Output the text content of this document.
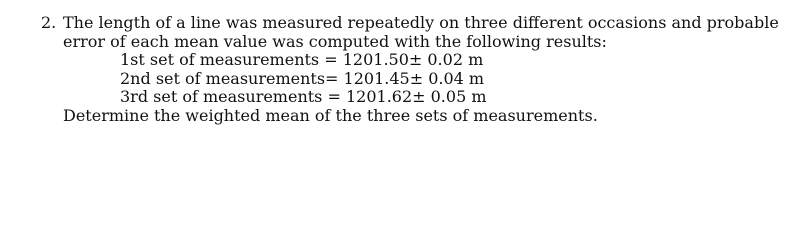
2. The length of a line was measured repeatedly on three different occasions and probable
error of each mean value was computed with the following results:
1st set of measurements = 1201.50± 0.02 m
2nd set of measurements= 1201.45± 0.04 m
3rd set of measurements = 1201.62± 0.05 m
Determine the weighted mean of the three sets of measurements.
